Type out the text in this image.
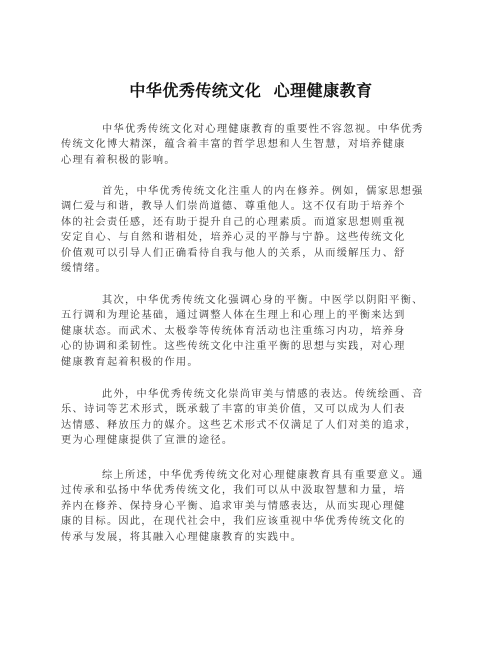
中华优秀传统文化  心理健康教育
中华优秀传统文化对心理健康教育的重要性不容忽视。中华优秀
传统文化博大精深，蕴含着丰富的哲学思想和人生智慧，对培养健康
心理有着积极的影响。
首先，中华优秀传统文化注重人的内在修养。例如，儒家思想强
调仁爱与和谐，教导人们崇尚道德、尊重他人。这不仅有助于培养个
体的社会责任感，还有助于提升自己的心理素质。而道家思想则重视
安定自心、与自然和谐相处，培养心灵的平静与宁静。这些传统文化
价值观可以引导人们正确看待自我与他人的关系，从而缓解压力、舒
缓情绪。
其次，中华优秀传统文化强调心身的平衡。中医学以阴阳平衡、
五行调和为理论基础，通过调整人体在生理上和心理上的平衡来达到
健康状态。而武术、太极拳等传统体育活动也注重练习内功，培养身
心的协调和柔韧性。这些传统文化中注重平衡的思想与实践，对心理
健康教育起着积极的作用。
此外，中华优秀传统文化崇尚审美与情感的表达。传统绘画、音
乐、诗词等艺术形式，既承载了丰富的审美价值，又可以成为人们表
达情感、释放压力的媒介。这些艺术形式不仅满足了人们对美的追求，
更为心理健康提供了宣泄的途径。
综上所述，中华优秀传统文化对心理健康教育具有重要意义。通
过传承和弘扬中华优秀传统文化，我们可以从中汲取智慧和力量，培
养内在修养、保持身心平衡、追求审美与情感表达，从而实现心理健
康的目标。因此，在现代社会中，我们应该重视中华优秀传统文化的
传承与发展，将其融入心理健康教育的实践中。
